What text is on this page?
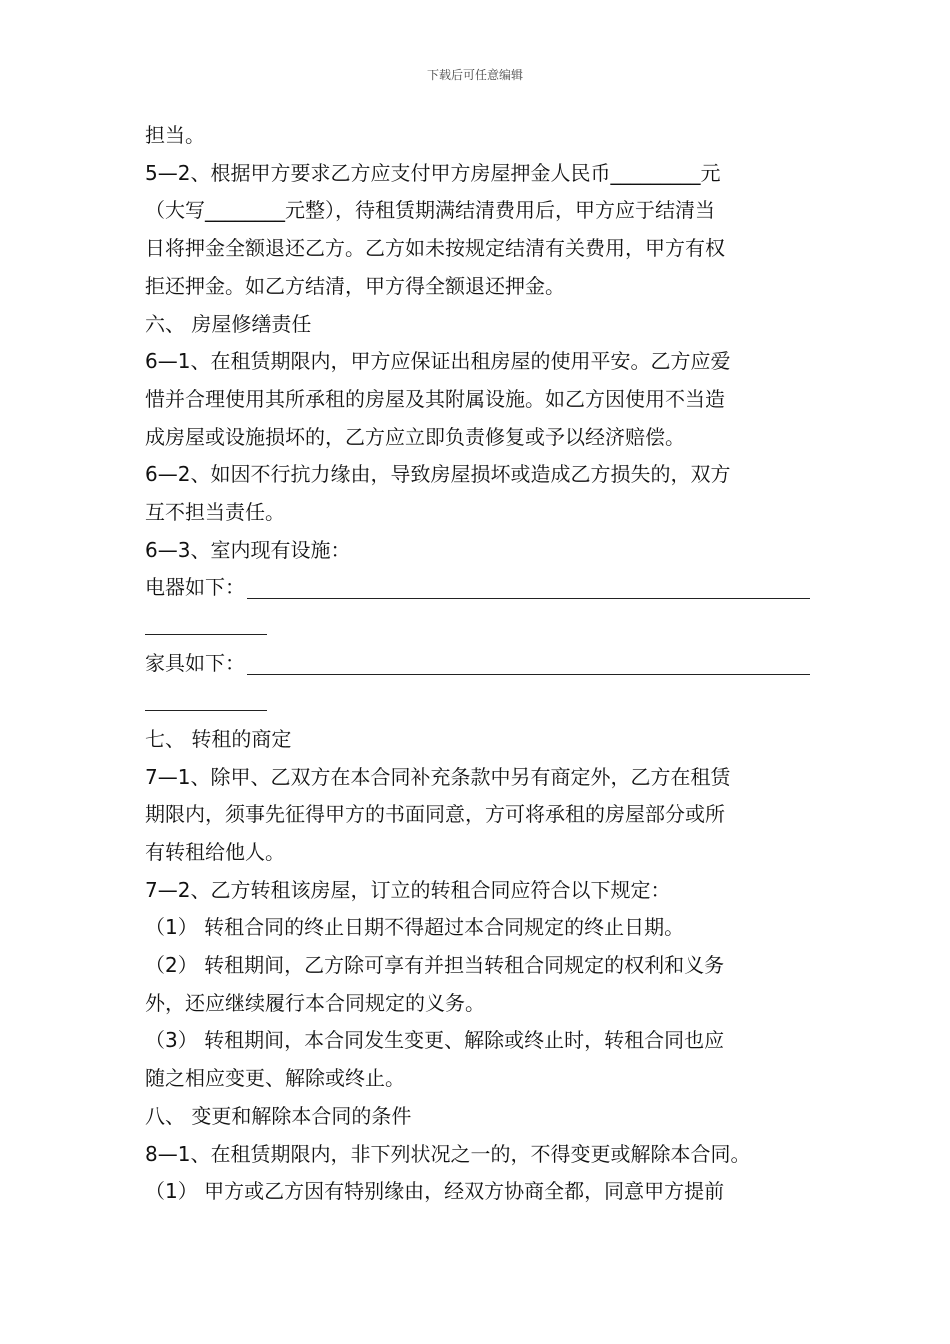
下载后可任意编辑
担当。
5—2、根据甲方要求乙方应支付甲方房屋押金人民币_________元
（大写________元整），待租赁期满结清费用后，甲方应于结清当
日将押金全额退还乙方。乙方如未按规定结清有关费用，甲方有权
拒还押金。如乙方结清，甲方得全额退还押金。
六、 房屋修缮责任
6—1、在租赁期限内，甲方应保证出租房屋的使用平安。乙方应爱
惜并合理使用其所承租的房屋及其附属设施。如乙方因使用不当造
成房屋或设施损坏的，乙方应立即负责修复或予以经济赔偿。
6—2、如因不行抗力缘由，导致房屋损坏或造成乙方损失的，双方
互不担当责任。
6—3、室内现有设施：
电器如下：
家具如下：
七、 转租的商定
7—1、除甲、乙双方在本合同补充条款中另有商定外，乙方在租赁
期限内，须事先征得甲方的书面同意，方可将承租的房屋部分或所
有转租给他人。
7—2、乙方转租该房屋，订立的转租合同应符合以下规定：
（1） 转租合同的终止日期不得超过本合同规定的终止日期。
（2） 转租期间，乙方除可享有并担当转租合同规定的权利和义务
外，还应继续履行本合同规定的义务。
（3） 转租期间，本合同发生变更、解除或终止时，转租合同也应
随之相应变更、解除或终止。
八、 变更和解除本合同的条件
8—1、在租赁期限内，非下列状况之一的，不得变更或解除本合同。
（1） 甲方或乙方因有特别缘由，经双方协商全都，同意甲方提前
